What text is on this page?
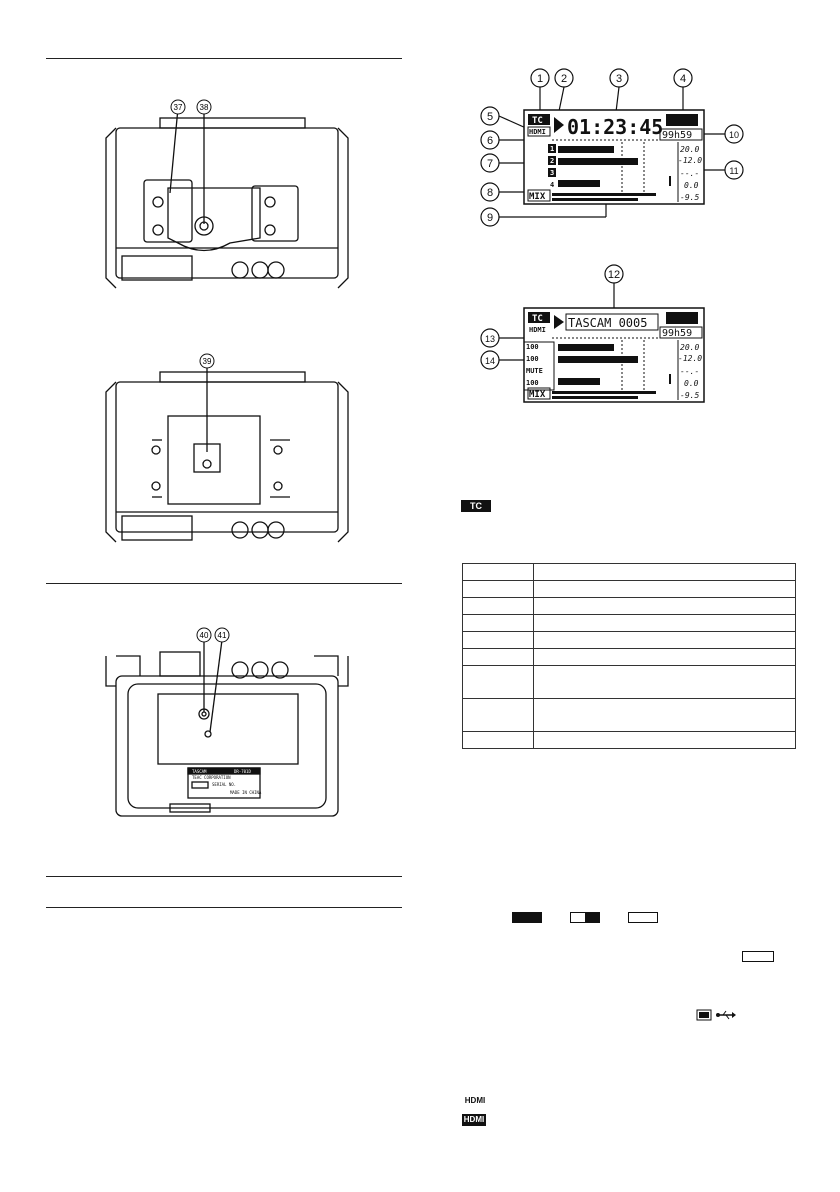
37 38
39
TASCAM	DR-701D
TEAC CORPORATION
SERIAL NO.
MADE IN CHINA
40 41
1 2	3	4
5
6
7
8
9
10
11
TC
HDMI 01:23:45
99h59
1
2
3
4
MIX
20.0
-12.0
--.-
0.0
-9.5
12
13
14
TC
HDMI TASCAM_0005
99h59
100
100
MUTE
100
MIX
20.0
-12.0
--.-
0.0
-9.5
TC

HDMI
HDMI
